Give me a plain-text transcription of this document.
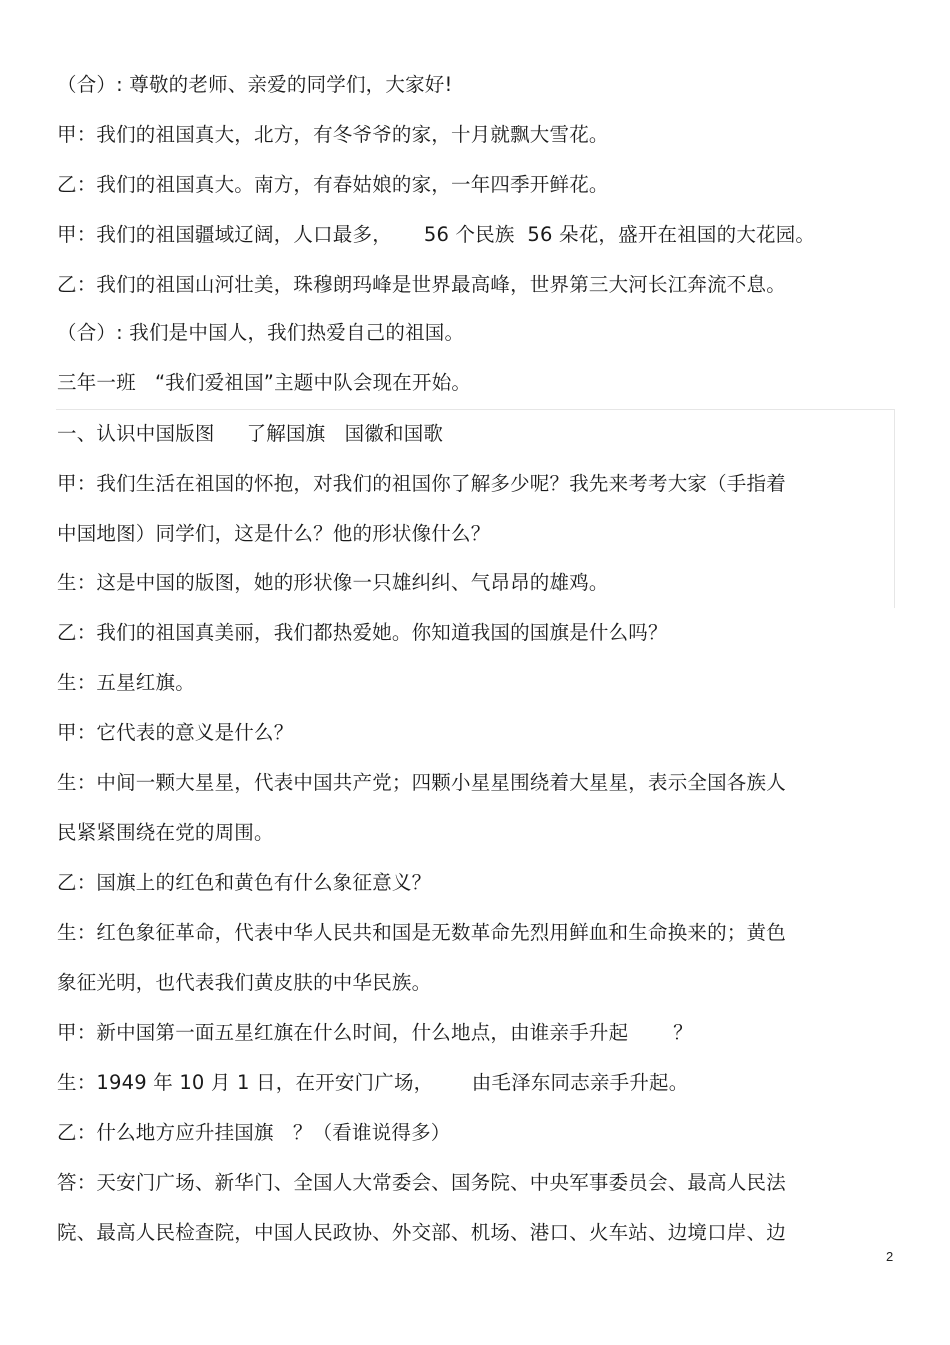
（合）: 尊敬的老师、亲爱的同学们，大家好!
甲：我们的祖国真大，北方，有冬爷爷的家，十月就飘大雪花。
乙：我们的祖国真大。南方，有春姑娘的家，一年四季开鲜花。
甲：我们的祖国疆域辽阔，人口最多，     56 个民族  56 朵花，盛开在祖国的大花园。
乙：我们的祖国山河壮美，珠穆朗玛峰是世界最高峰，世界第三大河长江奔流不息。
（合）: 我们是中国人，我们热爱自己的祖国。
三年一班   “我们爱祖国”主题中队会现在开始。
一、认识中国版图     了解国旗   国徽和国歌
甲：我们生活在祖国的怀抱，对我们的祖国你了解多少呢？我先来考考大家（手指着
中国地图）同学们，这是什么？他的形状像什么？
生：这是中国的版图，她的形状像一只雄纠纠、气昂昂的雄鸡。
乙：我们的祖国真美丽，我们都热爱她。你知道我国的国旗是什么吗？
生：五星红旗。
甲：它代表的意义是什么？
生：中间一颗大星星，代表中国共产党；四颗小星星围绕着大星星，表示全国各族人
民紧紧围绕在党的周围。
乙：国旗上的红色和黄色有什么象征意义？
生：红色象征革命，代表中华人民共和国是无数革命先烈用鲜血和生命换来的；黄色
象征光明，也代表我们黄皮肤的中华民族。
甲：新中国第一面五星红旗在什么时间，什么地点，由谁亲手升起       ？
生：1949 年 10 月 1 日，在开安门广场，      由毛泽东同志亲手升起。
乙：什么地方应升挂国旗   ？（看谁说得多）
答：天安门广场、新华门、全国人大常委会、国务院、中央军事委员会、最高人民法
院、最高人民检查院，中国人民政协、外交部、机场、港口、火车站、边境口岸、边
2
